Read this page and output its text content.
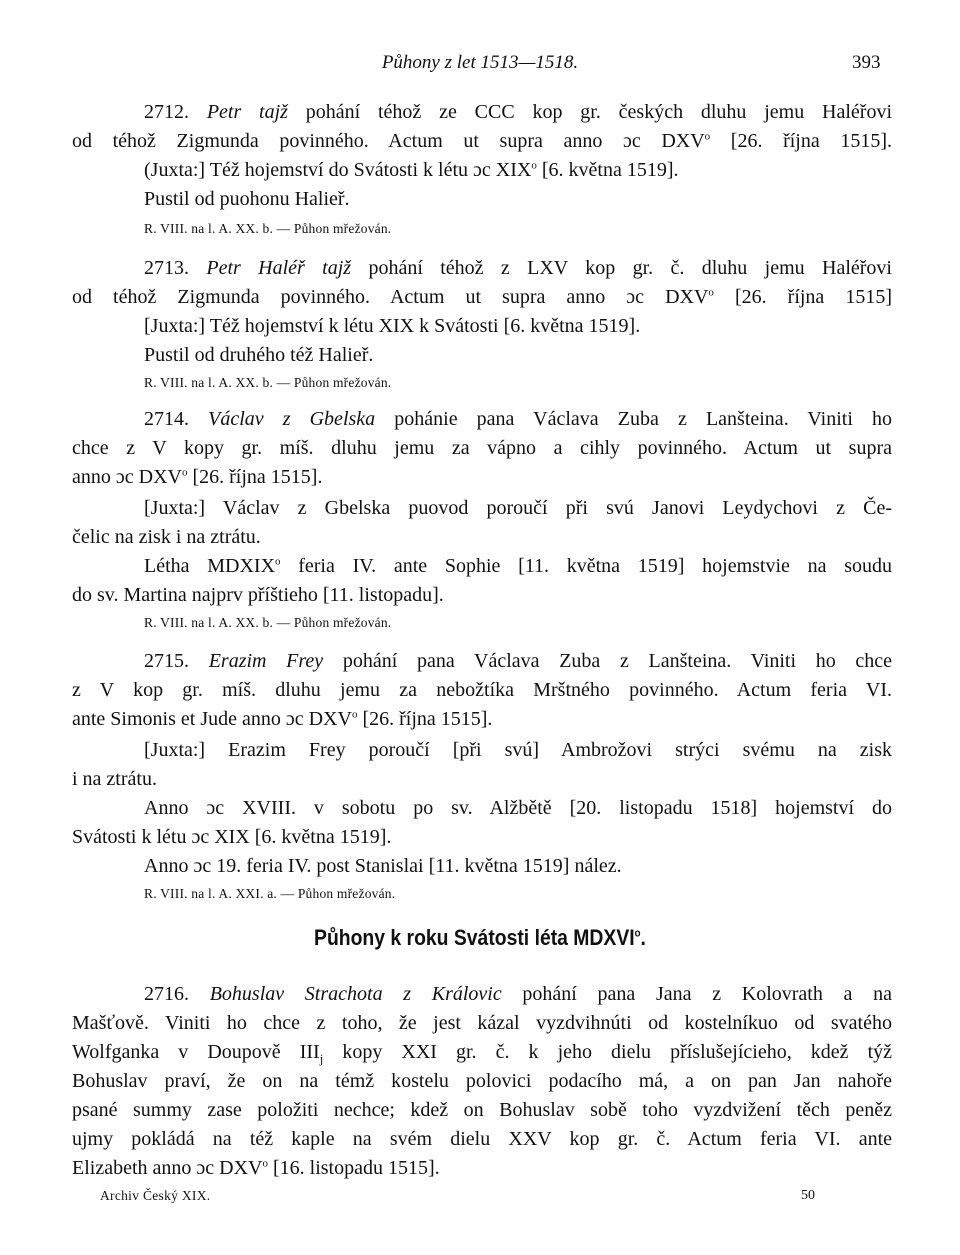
Půhony z let 1513—1518.	393
2712. Petr tajž pohání téhož ze CCC kop gr. českých dluhu jemu Haléřovi
od téhož Zigmunda povinného. Actum ut supra anno ɔc DXV$^o$ [26. října 1515].
(Juxta:] Též hojemství do Svátosti k létu ɔc XIX$^o$ [6. května 1519].
Pustil od puohonu Halieř.
R. VIII. na l. A. XX. b. — Půhon mřežován.
2713. Petr Haléř tajž pohání téhož z LXV kop gr. č. dluhu jemu Haléřovi
od téhož Zigmunda povinného. Actum ut supra anno ɔc DXV$^o$ [26. října 1515]
[Juxta:] Též hojemství k létu XIX k Svátosti [6. května 1519].
Pustil od druhého též Halieř.
R. VIII. na l. A. XX. b. — Půhon mřežován.
2714. Václav z Gbelska pohánie pana Václava Zuba z Lanšteina. Viniti ho
chce z V kopy gr. míš. dluhu jemu za vápno a cihly povinného. Actum ut supra
anno ɔc DXV$^o$ [26. října 1515].
[Juxta:] Václav z Gbelska puovod poroučí při svú Janovi Leydychovi z Če-
čelic na zisk i na ztrátu.
Létha MDXIX$^o$ feria IV. ante Sophie [11. května 1519] hojemstvie na soudu
do sv. Martina najprv příštieho [11. listopadu].
R. VIII. na l. A. XX. b. — Půhon mřežován.
2715. Erazim Frey pohání pana Václava Zuba z Lanšteina. Viniti ho chce
z V kop gr. míš. dluhu jemu za nebožtíka Mrštného povinného. Actum feria VI.
ante Simonis et Jude anno ɔc DXV$^o$ [26. října 1515].
[Juxta:] Erazim Frey poroučí [při svú] Ambrožovi strýci svému na zisk
i na ztrátu.
Anno ɔc XVIII. v sobotu po sv. Alžbětě [20. listopadu 1518] hojemství do
Svátosti k létu ɔc XIX [6. května 1519].
Anno ɔc 19. feria IV. post Stanislai [11. května 1519] nález.
R. VIII. na l. A. XXI. a. — Půhon mřežován.
Půhony k roku Svátosti léta MDXVI$^o$.
2716. Bohuslav Strachota z Královic pohání pana Jana z Kolovrath a na
Mašťově. Viniti ho chce z toho, že jest kázal vyzdvihnúti od kostelníkuo od svatého
Wolfganka v Doupově $III_j$ kopy XXI gr. č. k jeho dielu příslušejícieho, kdež týž
Bohuslav praví, že on na témž kostelu polovici podacího má, a on pan Jan nahoře
psané summy zase položiti nechce; kdež on Bohuslav sobě toho vyzdvižení těch peněz
ujmy pokládá na též kaple na svém dielu XXV kop gr. č. Actum feria VI. ante
Elizabeth anno ɔc DXV$^o$ [16. listopadu 1515].
Archiv Český XIX.	50
